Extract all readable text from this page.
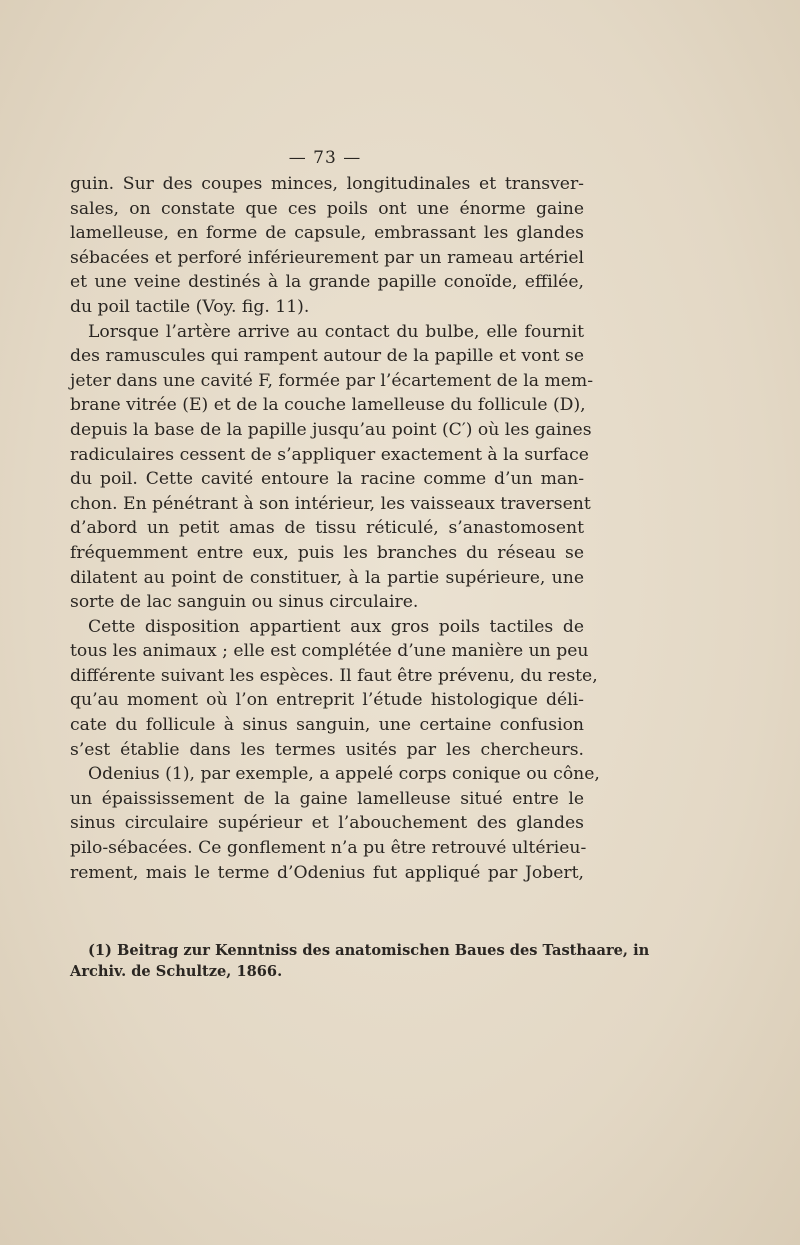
— 73 —
guin. Sur des coupes minces, longitudinales et transver-
sales, on constate que ces poils ont une énorme gaine
lamelleuse, en forme de capsule, embrassant les glandes
sébacées et perforé inférieurement par un rameau artériel
et une veine destinés à la grande papille conoïde, effilée,
du poil tactile (Voy. fig. 11).
Lorsque l’artère arrive au contact du bulbe, elle fournit
des ramuscules qui rampent autour de la papille et vont se
jeter dans une cavité F, formée par l’écartement de la mem-
brane vitrée (E) et de la couche lamelleuse du follicule (D),
depuis la base de la papille jusqu’au point (C′) où les gaines
radiculaires cessent de s’appliquer exactement à la surface
du poil. Cette cavité entoure la racine comme d’un man-
chon. En pénétrant à son intérieur, les vaisseaux traversent
d’abord un petit amas de tissu réticulé, s’anastomosent
fréquemment entre eux, puis les branches du réseau se
dilatent au point de constituer, à la partie supérieure, une
sorte de lac sanguin ou sinus circulaire.
Cette disposition appartient aux gros poils tactiles de
tous les animaux ; elle est complétée d’une manière un peu
différente suivant les espèces. Il faut être prévenu, du reste,
qu’au moment où l’on entreprit l’étude histologique déli-
cate du follicule à sinus sanguin, une certaine confusion
s’est établie dans les termes usités par les chercheurs.
Odenius (1), par exemple, a appelé corps conique ou cône,
un épaississement de la gaine lamelleuse situé entre le
sinus circulaire supérieur et l’abouchement des glandes
pilo-sébacées. Ce gonflement n’a pu être retrouvé ultérieu-
rement, mais le terme d’Odenius fut appliqué par Jobert,
(1) Beitrag zur Kenntniss des anatomischen Baues des Tasthaare, in
Archiv. de Schultze, 1866.
